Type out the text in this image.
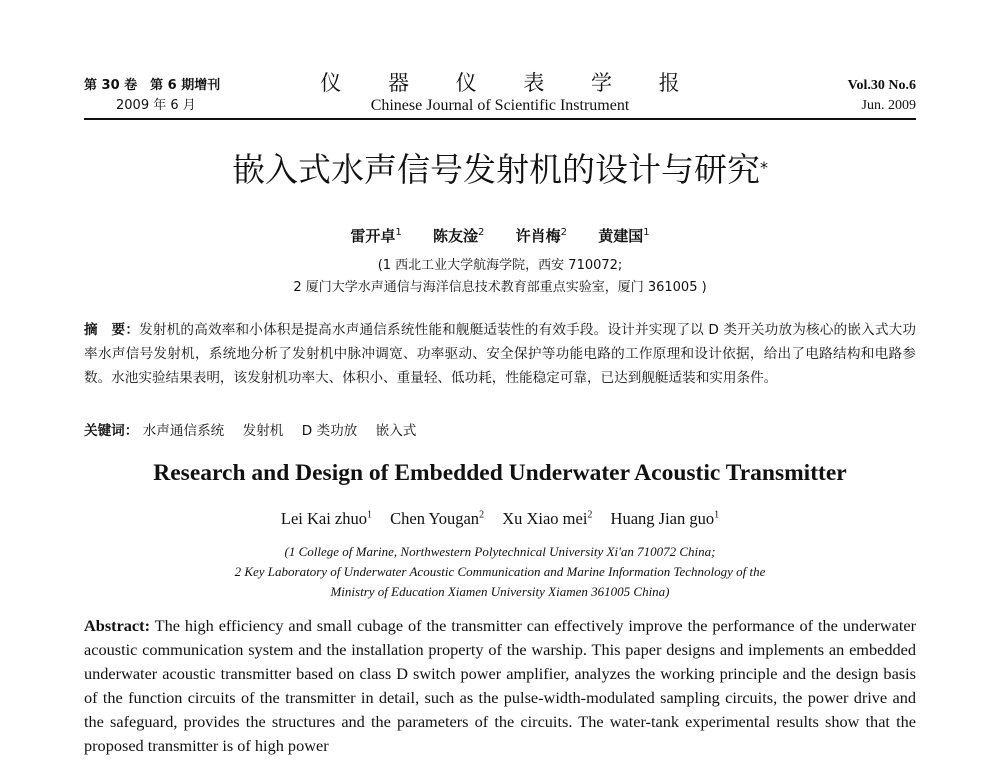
第 30 卷　第 6 期增刊
2009 年 6 月
仪 器 仪 表 学 报
Chinese Journal of Scientific Instrument
Vol.30 No.6
Jun. 2009
嵌入式水声信号发射机的设计与研究*
雷开卓$^1$ 陈友淦$^2$ 许肖梅$^2$ 黄建国$^1$
(1 西北工业大学航海学院，西安 710072;
2 厦门大学水声通信与海洋信息技术教育部重点实验室，厦门 361005 )
摘　要：发射机的高效率和小体积是提高水声通信系统性能和舰艇适装性的有效手段。设计并实现了以 D 类开关功放为核心的嵌入式大功率水声信号发射机，系统地分析了发射机中脉冲调宽、功率驱动、安全保护等功能电路的工作原理和设计依据，给出了电路结构和电路参数。水池实验结果表明，该发射机功率大、体积小、重量轻、低功耗，性能稳定可靠，已达到舰艇适装和实用条件。
关键词： 水声通信系统 发射机 D 类功放 嵌入式
Research and Design of Embedded Underwater Acoustic Transmitter
Lei Kai zhuo$^1$ Chen Yougan$^2$ Xu Xiao mei$^2$ Huang Jian guo$^1$
(1 College of Marine, Northwestern Polytechnical University Xi'an 710072 China;
2 Key Laboratory of Underwater Acoustic Communication and Marine Information Technology of the
Ministry of Education Xiamen University Xiamen 361005 China)
Abstract: The high efficiency and small cubage of the transmitter can effectively improve the performance of the underwater acoustic communication system and the installation property of the warship. This paper designs and implements an embedded underwater acoustic transmitter based on class D switch power amplifier, analyzes the working principle and the design basis of the function circuits of the transmitter in detail, such as the pulse-width-modulated sampling circuits, the power drive and the safeguard, provides the structures and the parameters of the circuits. The water-tank experimental results show that the proposed transmitter is of high power
